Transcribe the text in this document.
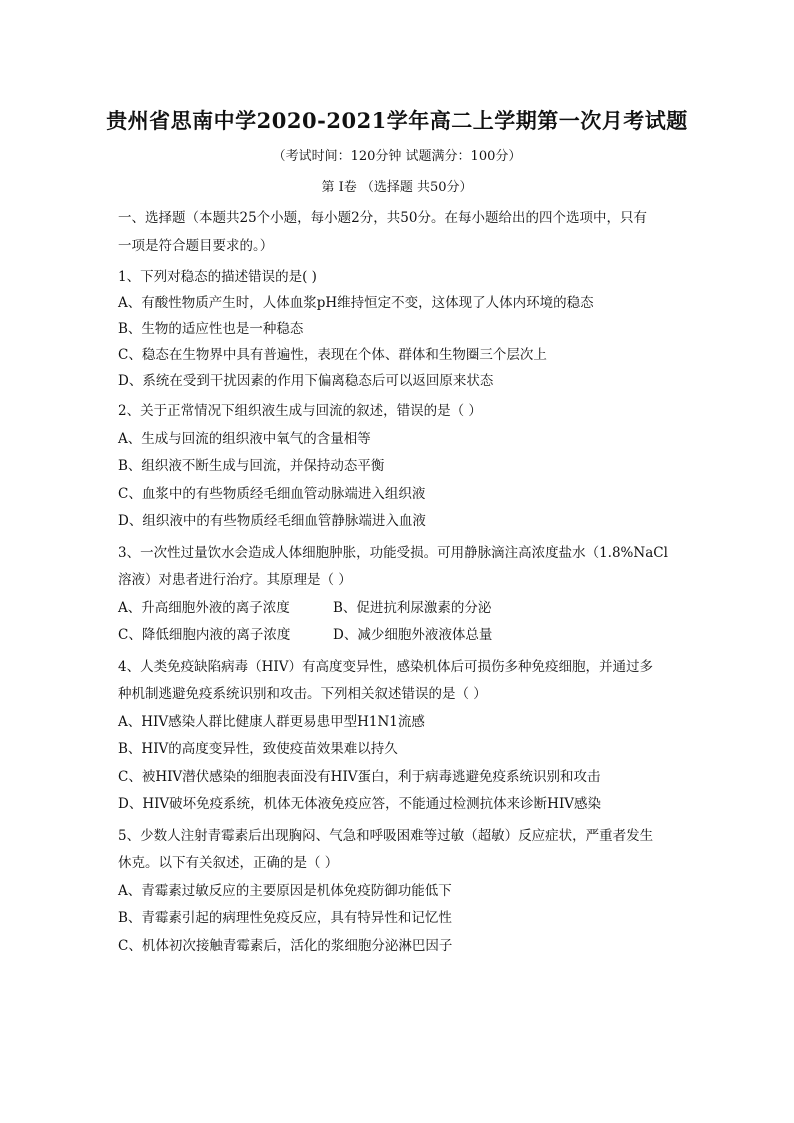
贵州省思南中学2020-2021学年高二上学期第一次月考试题
（考试时间：120分钟 试题满分：100分）
第 Ⅰ卷 （选择题 共50分）
一、选择题（本题共25个小题，每小题2分，共50分。在每小题给出的四个选项中，只有
一项是符合题目要求的。）
1、下列对稳态的描述错误的是( )
A、有酸性物质产生时，人体血浆pH维持恒定不变，这体现了人体内环境的稳态
B、生物的适应性也是一种稳态
C、稳态在生物界中具有普遍性，表现在个体、群体和生物圈三个层次上
D、系统在受到干扰因素的作用下偏离稳态后可以返回原来状态
2、关于正常情况下组织液生成与回流的叙述，错误的是（ ）
A、生成与回流的组织液中氧气的含量相等
B、组织液不断生成与回流，并保持动态平衡
C、血浆中的有些物质经毛细血管动脉端进入组织液
D、组织液中的有些物质经毛细血管静脉端进入血液
3、一次性过量饮水会造成人体细胞肿胀，功能受损。可用静脉滴注高浓度盐水（1.8%NaCl
溶液）对患者进行治疗。其原理是（ ）
A、升高细胞外液的离子浓度	B、促进抗利尿激素的分泌
C、降低细胞内液的离子浓度	D、减少细胞外液液体总量
4、人类免疫缺陷病毒（HIV）有高度变异性，感染机体后可损伤多种免疫细胞，并通过多
种机制逃避免疫系统识别和攻击。下列相关叙述错误的是（ ）
A、HIV感染人群比健康人群更易患甲型H1N1流感
B、HIV的高度变异性，致使疫苗效果难以持久
C、被HIV潜伏感染的细胞表面没有HIV蛋白，利于病毒逃避免疫系统识别和攻击
D、HIV破坏免疫系统，机体无体液免疫应答，不能通过检测抗体来诊断HIV感染
5、少数人注射青霉素后出现胸闷、气急和呼吸困难等过敏（超敏）反应症状，严重者发生
休克。以下有关叙述，正确的是（ ）
A、青霉素过敏反应的主要原因是机体免疫防御功能低下
B、青霉素引起的病理性免疫反应，具有特异性和记忆性
C、机体初次接触青霉素后，活化的浆细胞分泌淋巴因子
